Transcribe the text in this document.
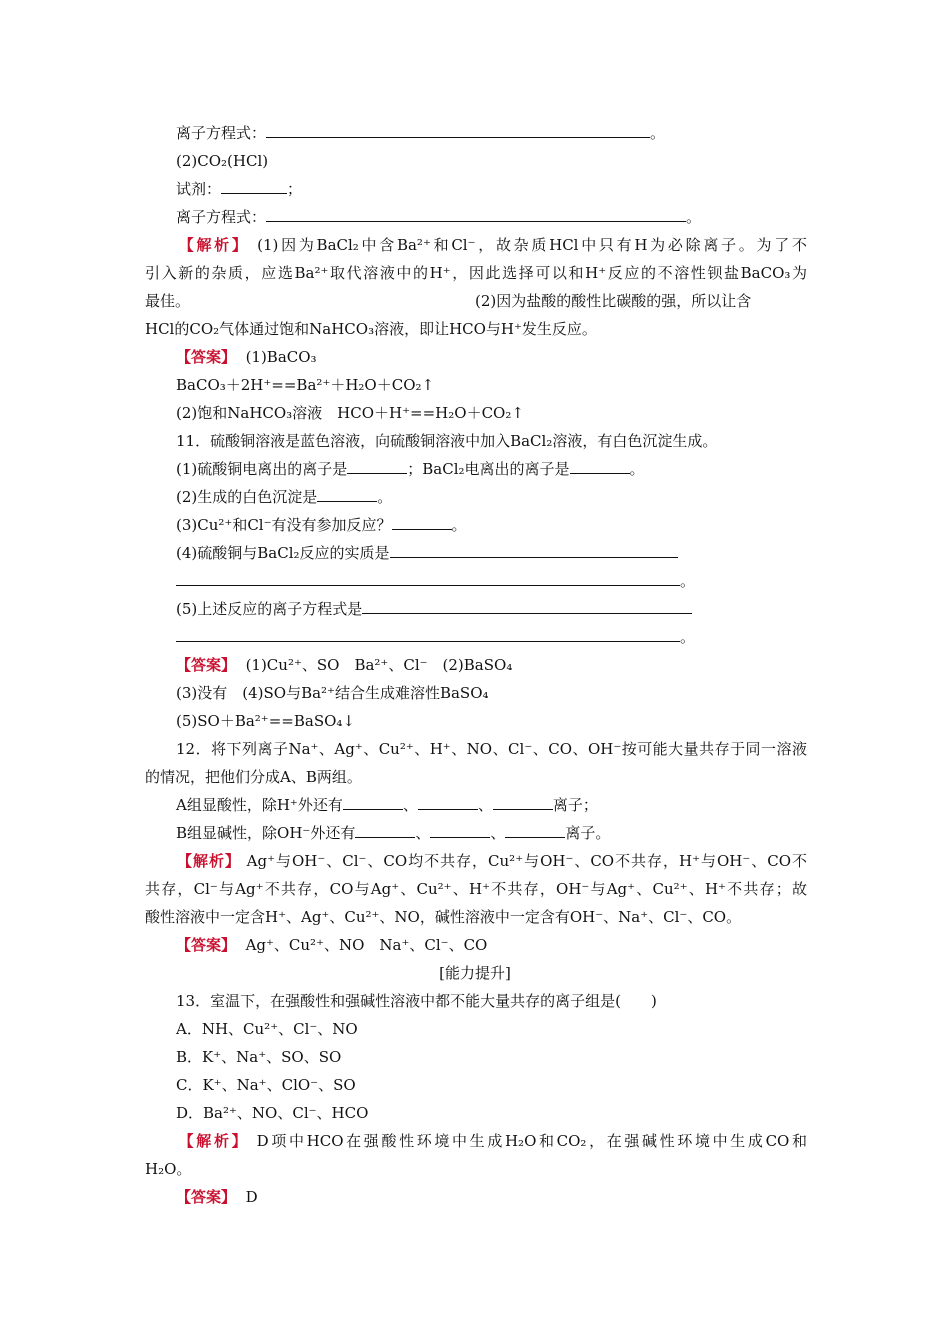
离子方程式：	。
(2)CO₂(HCl)
试剂：	；
离子方程式：	。
【解析】 (1)因为BaCl₂中含Ba²⁺和Cl⁻，故杂质HCl中只有H为必除离子。为了不
引入新的杂质，应选Ba²⁺取代溶液中的H⁺，因此选择可以和H⁺反应的不溶性钡盐BaCO₃为
最佳。	(2)因为盐酸的酸性比碳酸的强，所以让含
HCl的CO₂气体通过饱和NaHCO₃溶液，即让HCO与H⁺发生反应。
【答案】 (1)BaCO₃
BaCO₃＋2H⁺==Ba²⁺＋H₂O＋CO₂↑
(2)饱和NaHCO₃溶液　HCO＋H⁺==H₂O＋CO₂↑
11．硫酸铜溶液是蓝色溶液，向硫酸铜溶液中加入BaCl₂溶液，有白色沉淀生成。
(1)硫酸铜电离出的离子是	；BaCl₂电离出的离子是	。
(2)生成的白色沉淀是	。
(3)Cu²⁺和Cl⁻有没有参加反应？	。
(4)硫酸铜与BaCl₂反应的实质是
。
(5)上述反应的离子方程式是
。
【答案】 (1)Cu²⁺、SO　Ba²⁺、Cl⁻　(2)BaSO₄
(3)没有　(4)SO与Ba²⁺结合生成难溶性BaSO₄
(5)SO＋Ba²⁺==BaSO₄↓
12．将下列离子Na⁺、Ag⁺、Cu²⁺、H⁺、NO、Cl⁻、CO、OH⁻按可能大量共存于同一溶液
的情况，把他们分成A、B两组。
A组显酸性，除H⁺外还有	、	、	离子；
B组显碱性，除OH⁻外还有	、	、	离子。
【解析】 Ag⁺与OH⁻、Cl⁻、CO均不共存，Cu²⁺与OH⁻、CO不共存，H⁺与OH⁻、CO不
共存，Cl⁻与Ag⁺不共存，CO与Ag⁺、Cu²⁺、H⁺不共存，OH⁻与Ag⁺、Cu²⁺、H⁺不共存；故
酸性溶液中一定含H⁺、Ag⁺、Cu²⁺、NO，碱性溶液中一定含有OH⁻、Na⁺、Cl⁻、CO。
【答案】 Ag⁺、Cu²⁺、NO　Na⁺、Cl⁻、CO
[能力提升]
13．室温下，在强酸性和强碱性溶液中都不能大量共存的离子组是(　　)
A．NH、Cu²⁺、Cl⁻、NO
B．K⁺、Na⁺、SO、SO
C．K⁺、Na⁺、ClO⁻、SO
D．Ba²⁺、NO、Cl⁻、HCO
【解析】 D项中HCO在强酸性环境中生成H₂O和CO₂，在强碱性环境中生成CO和
H₂O。
【答案】 D
